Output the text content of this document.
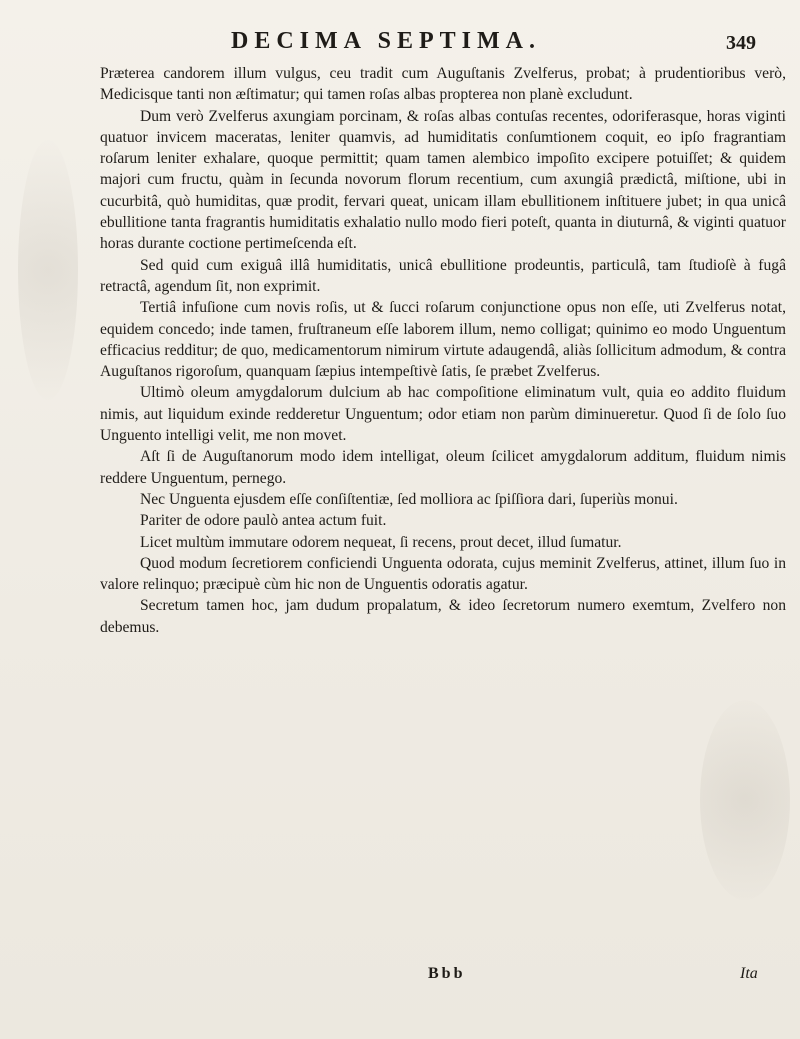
DECIMA SEPTIMA.	349

Præterea candorem illum vulgus, ceu tradit cum Auguſtanis Zvelferus, probat; à prudentioribus verò, Medicisque tanti non æſtimatur; qui tamen roſas albas propterea non planè excludunt.

Dum verò Zvelferus axungiam porcinam, & roſas albas contuſas recentes, odoriferasque, horas viginti quatuor invicem maceratas, leniter quamvis, ad humiditatis conſumtionem coquit, eo ipſo fragrantiam roſarum leniter exhalare, quoque permittit; quam tamen alembico impoſito excipere potuiſſet; & quidem majori cum fructu, quàm in ſecunda novorum florum recentium, cum axungiâ prædictâ, miſtione, ubi in cucurbitâ, quò humiditas, quæ prodit, fervari queat, unicam illam ebullitionem inſtituere jubet; in qua unicâ ebullitione tanta fragrantis humiditatis exhalatio nullo modo fieri poteſt, quanta in diuturnâ, & viginti quatuor horas durante coctione pertimeſcenda eſt.

Sed quid cum exiguâ illâ humiditatis, unicâ ebullitione prodeuntis, particulâ, tam ſtudioſè à fugâ retractâ, agendum ſit, non exprimit.

Tertiâ infuſione cum novis roſis, ut & ſucci roſarum conjunctione opus non eſſe, uti Zvelferus notat, equidem concedo; inde tamen, fruſtraneum eſſe laborem illum, nemo colligat; quinimo eo modo Unguentum efficacius redditur; de quo, medicamentorum nimirum virtute adaugendâ, aliàs ſollicitum admodum, & contra Auguſtanos rigoroſum, quanquam ſæpius intempeſtivè ſatis, ſe præbet Zvelferus.

Ultimò oleum amygdalorum dulcium ab hac compoſitione eliminatum vult, quia eo addito fluidum nimis, aut liquidum exinde redderetur Unguentum; odor etiam non parùm diminueretur. Quod ſi de ſolo ſuo Unguento intelligi velit, me non movet.

Aſt ſi de Auguſtanorum modo idem intelligat, oleum ſcilicet amygdalorum additum, fluidum nimis reddere Unguentum, pernego.

Nec Unguenta ejusdem eſſe conſiſtentiæ, ſed molliora ac ſpiſſiora dari, ſuperiùs monui.

Pariter de odore paulò antea actum fuit.

Licet multùm immutare odorem nequeat, ſi recens, prout decet, illud ſumatur.

Quod modum ſecretiorem conficiendi Unguenta odorata, cujus meminit Zvelferus, attinet, illum ſuo in valore relinquo; præcipuè cùm hic non de Unguentis odoratis agatur.

Secretum tamen hoc, jam dudum propalatum, & ideo ſecretorum numero exemtum, Zvelfero non debemus.

Bbb	Ita
